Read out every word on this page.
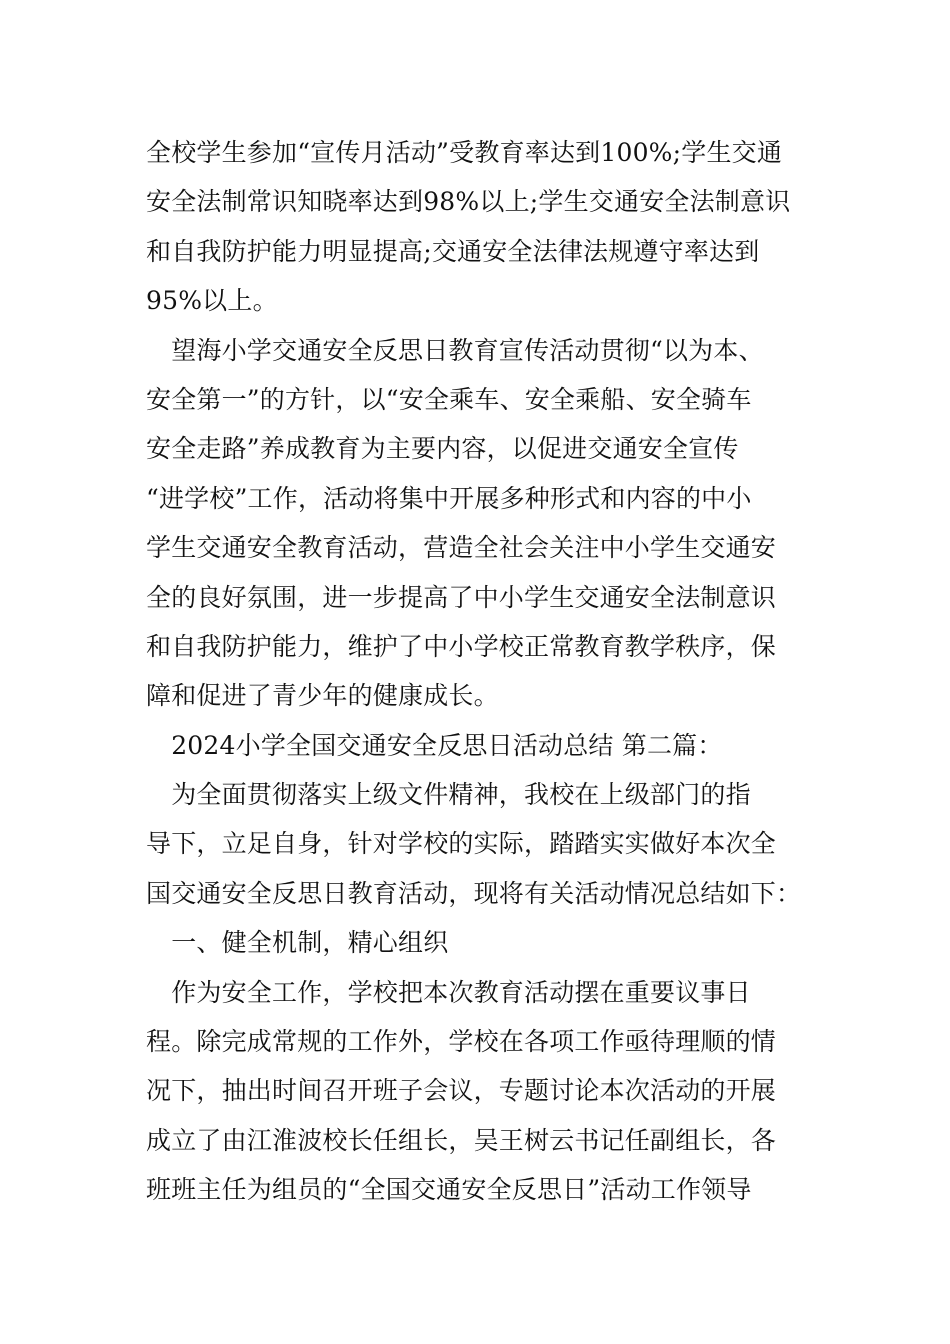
全校学生参加“宣传月活动”受教育率达到100%;学生交通
安全法制常识知晓率达到98%以上;学生交通安全法制意识
和自我防护能力明显提高;交通安全法律法规遵守率达到
95%以上。
　望海小学交通安全反思日教育宣传活动贯彻“以为本、
安全第一”的方针，以“安全乘车、安全乘船、安全骑车
安全走路”养成教育为主要内容，以促进交通安全宣传
“进学校”工作，活动将集中开展多种形式和内容的中小
学生交通安全教育活动，营造全社会关注中小学生交通安
全的良好氛围，进一步提高了中小学生交通安全法制意识
和自我防护能力，维护了中小学校正常教育教学秩序，保
障和促进了青少年的健康成长。
　2024小学全国交通安全反思日活动总结 第二篇：
　为全面贯彻落实上级文件精神，我校在上级部门的指
导下，立足自身，针对学校的实际，踏踏实实做好本次全
国交通安全反思日教育活动，现将有关活动情况总结如下：
　一、健全机制，精心组织
　作为安全工作，学校把本次教育活动摆在重要议事日
程。除完成常规的工作外，学校在各项工作亟待理顺的情
况下，抽出时间召开班子会议，专题讨论本次活动的开展
成立了由江淮波校长任组长，吴王树云书记任副组长，各
班班主任为组员的“全国交通安全反思日”活动工作领导
